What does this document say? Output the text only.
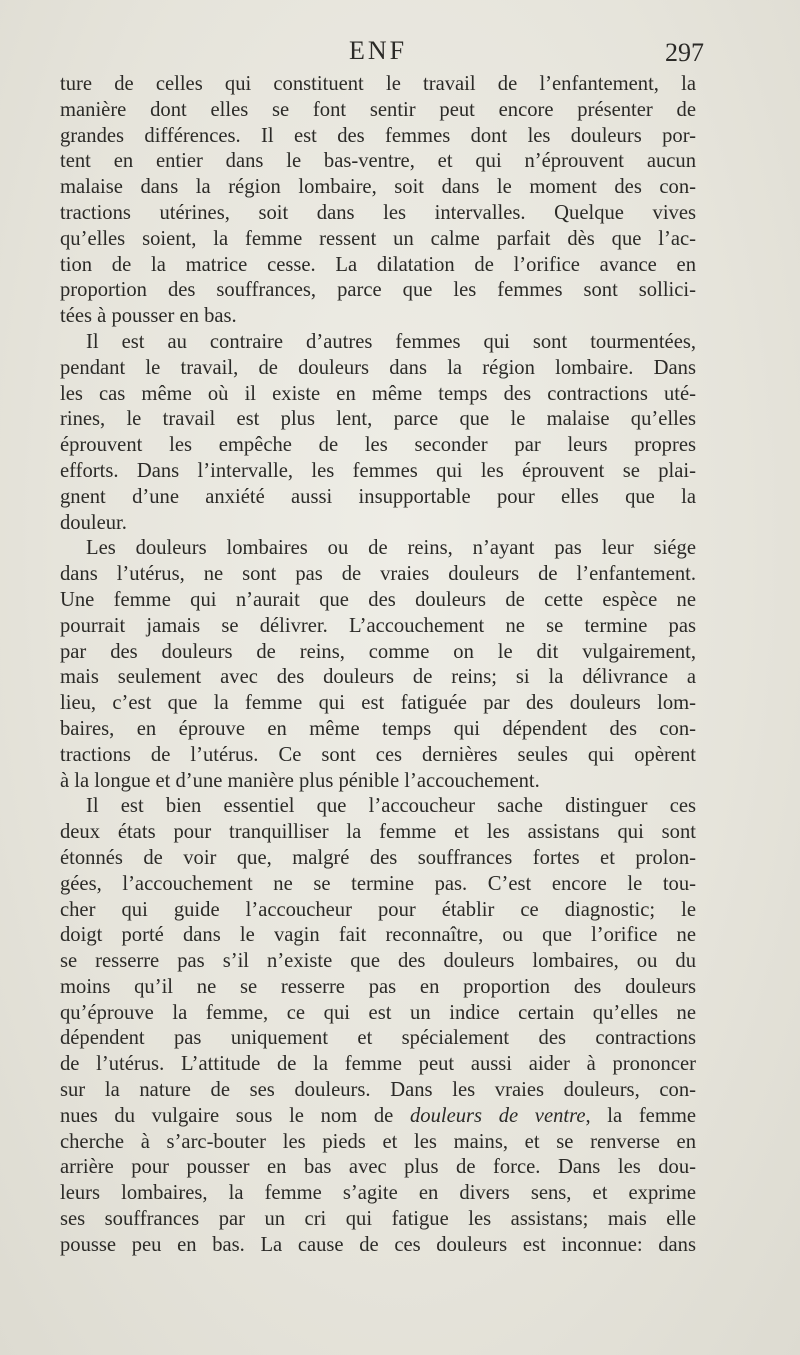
ENF	297
ture de celles qui constituent le travail de l’enfantement, la
manière dont elles se font sentir peut encore présenter de
grandes différences. Il est des femmes dont les douleurs por-
tent en entier dans le bas-ventre, et qui n’éprouvent aucun
malaise dans la région lombaire, soit dans le moment des con-
tractions utérines, soit dans les intervalles. Quelque vives
qu’elles soient, la femme ressent un calme parfait dès que l’ac-
tion de la matrice cesse. La dilatation de l’orifice avance en
proportion des souffrances, parce que les femmes sont sollici-
tées à pousser en bas.
Il est au contraire d’autres femmes qui sont tourmentées,
pendant le travail, de douleurs dans la région lombaire. Dans
les cas même où il existe en même temps des contractions uté-
rines, le travail est plus lent, parce que le malaise qu’elles
éprouvent les empêche de les seconder par leurs propres
efforts. Dans l’intervalle, les femmes qui les éprouvent se plai-
gnent d’une anxiété aussi insupportable pour elles que la
douleur.
Les douleurs lombaires ou de reins, n’ayant pas leur siége
dans l’utérus, ne sont pas de vraies douleurs de l’enfantement.
Une femme qui n’aurait que des douleurs de cette espèce ne
pourrait jamais se délivrer. L’accouchement ne se termine pas
par des douleurs de reins, comme on le dit vulgairement,
mais seulement avec des douleurs de reins; si la délivrance a
lieu, c’est que la femme qui est fatiguée par des douleurs lom-
baires, en éprouve en même temps qui dépendent des con-
tractions de l’utérus. Ce sont ces dernières seules qui opèrent
à la longue et d’une manière plus pénible l’accouchement.
Il est bien essentiel que l’accoucheur sache distinguer ces
deux états pour tranquilliser la femme et les assistans qui sont
étonnés de voir que, malgré des souffrances fortes et prolon-
gées, l’accouchement ne se termine pas. C’est encore le tou-
cher qui guide l’accoucheur pour établir ce diagnostic; le
doigt porté dans le vagin fait reconnaître, ou que l’orifice ne
se resserre pas s’il n’existe que des douleurs lombaires, ou du
moins qu’il ne se resserre pas en proportion des douleurs
qu’éprouve la femme, ce qui est un indice certain qu’elles ne
dépendent pas uniquement et spécialement des contractions
de l’utérus. L’attitude de la femme peut aussi aider à prononcer
sur la nature de ses douleurs. Dans les vraies douleurs, con-
nues du vulgaire sous le nom de douleurs de ventre, la femme
cherche à s’arc-bouter les pieds et les mains, et se renverse en
arrière pour pousser en bas avec plus de force. Dans les dou-
leurs lombaires, la femme s’agite en divers sens, et exprime
ses souffrances par un cri qui fatigue les assistans; mais elle
pousse peu en bas. La cause de ces douleurs est inconnue: dans
